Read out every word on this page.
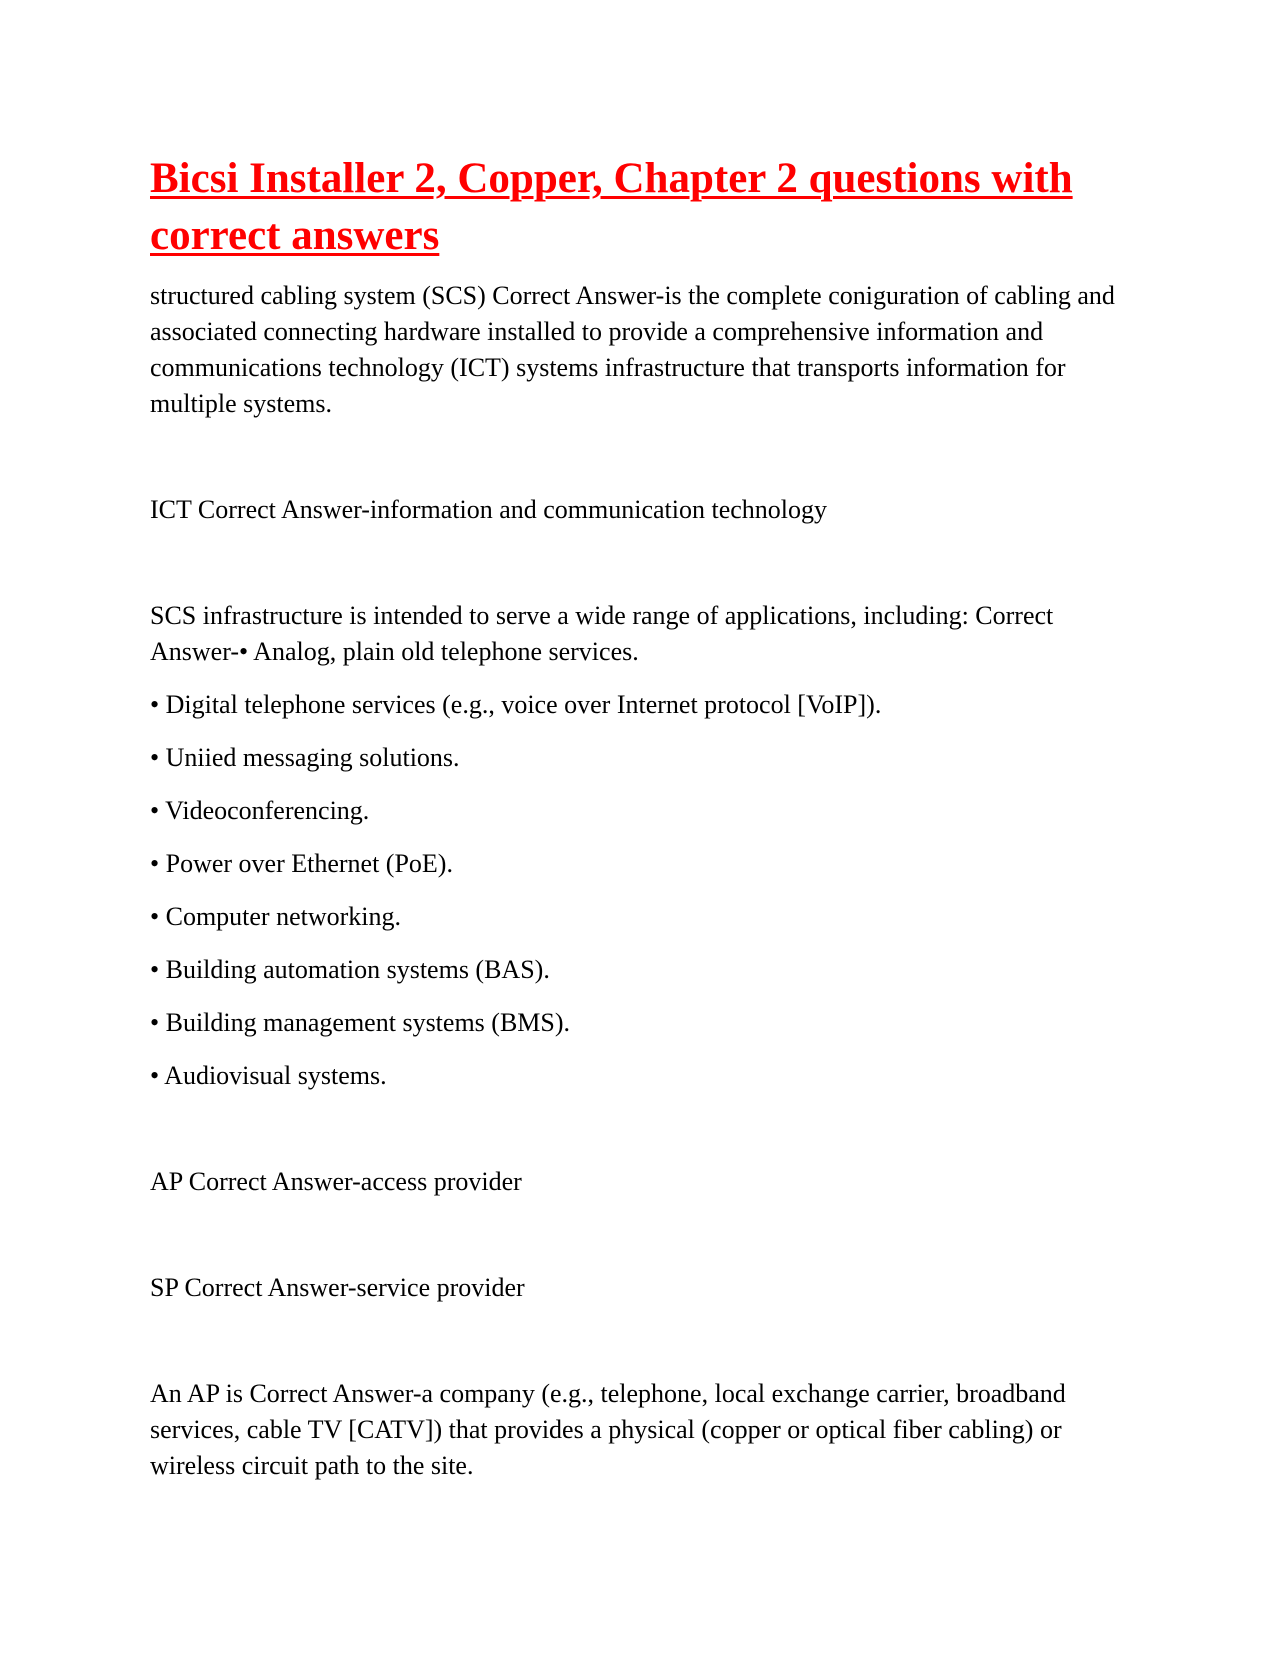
Bicsi Installer 2, Copper, Chapter 2 questions with correct answers

structured cabling system (SCS) Correct Answer-is the complete coniguration of cabling and associated connecting hardware installed to provide a comprehensive information and communications technology (ICT) systems infrastructure that transports information for multiple systems.

ICT Correct Answer-information and communication technology

SCS infrastructure is intended to serve a wide range of applications, including: Correct Answer-• Analog, plain old telephone services.

• Digital telephone services (e.g., voice over Internet protocol [VoIP]).

• Uniied messaging solutions.

• Videoconferencing.

• Power over Ethernet (PoE).

• Computer networking.

• Building automation systems (BAS).

• Building management systems (BMS).

• Audiovisual systems.

AP Correct Answer-access provider

SP Correct Answer-service provider

An AP is Correct Answer-a company (e.g., telephone, local exchange carrier, broadband services, cable TV [CATV]) that provides a physical (copper or optical fiber cabling) or wireless circuit path to the site.
